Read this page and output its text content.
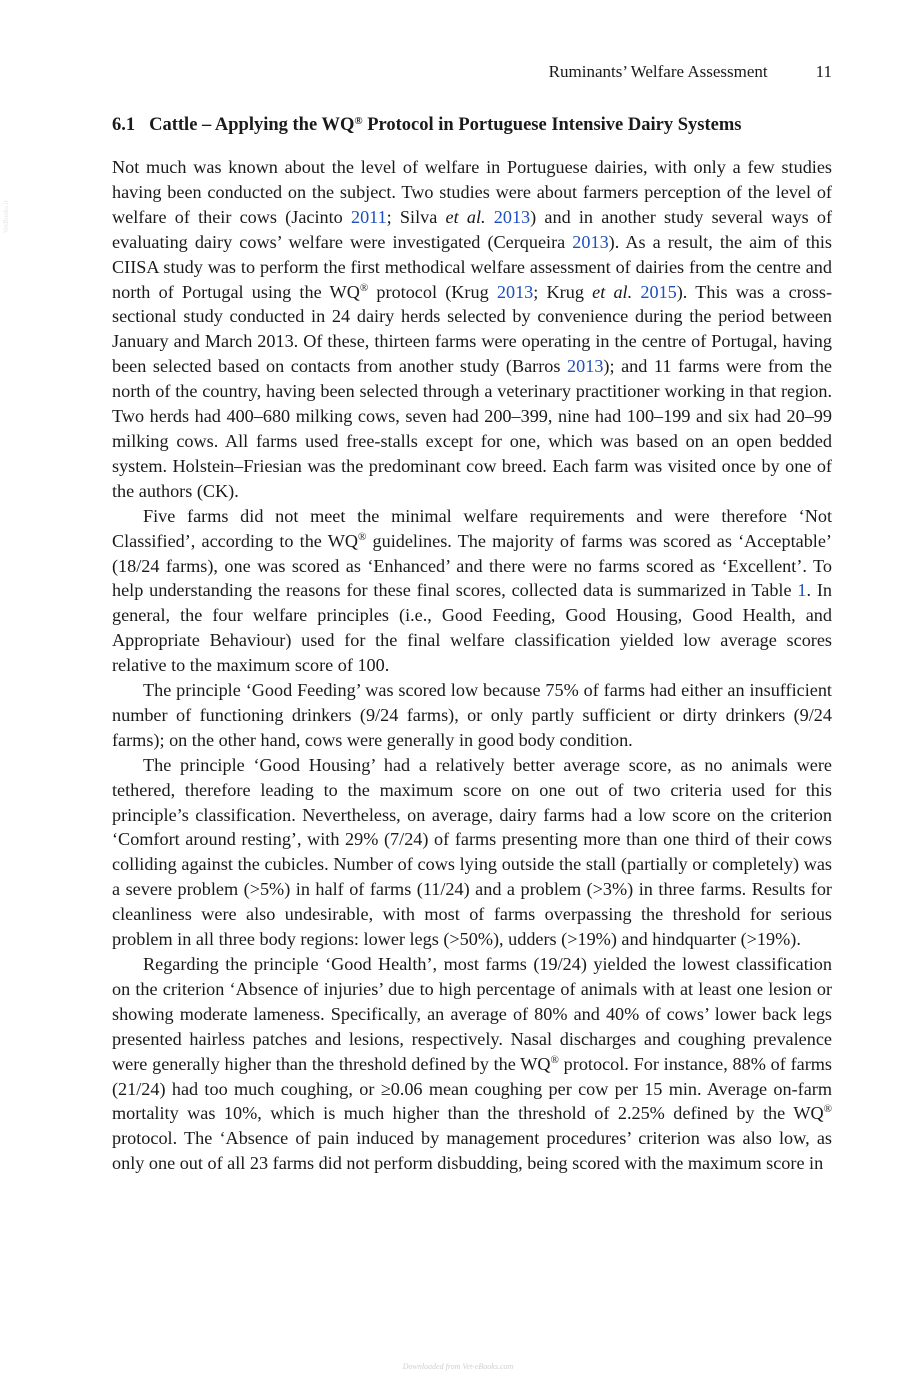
VetBooks.ir
Ruminants’ Welfare Assessment	11
6.1 Cattle – Applying the WQ® Protocol in Portuguese Intensive Dairy Systems

Not much was known about the level of welfare in Portuguese dairies, with only a few studies having been conducted on the subject. Two studies were about farmers perception of the level of welfare of their cows (Jacinto 2011; Silva et al. 2013) and in another study several ways of evaluating dairy cows’ welfare were investigated (Cerqueira 2013). As a result, the aim of this CIISA study was to perform the first methodical welfare assessment of dairies from the centre and north of Portugal using the WQ® protocol (Krug 2013; Krug et al. 2015). This was a cross-sectional study conducted in 24 dairy herds selected by convenience during the period between January and March 2013. Of these, thirteen farms were operating in the centre of Portugal, having been selected based on contacts from another study (Barros 2013); and 11 farms were from the north of the country, having been selected through a veterinary practitioner working in that region. Two herds had 400–680 milking cows, seven had 200–399, nine had 100–199 and six had 20–99 milking cows. All farms used free-stalls except for one, which was based on an open bedded system. Holstein–Friesian was the predominant cow breed. Each farm was visited once by one of the authors (CK).

Five farms did not meet the minimal welfare requirements and were therefore ‘Not Classified’, according to the WQ® guidelines. The majority of farms was scored as ‘Acceptable’ (18/24 farms), one was scored as ‘Enhanced’ and there were no farms scored as ‘Excellent’. To help understanding the reasons for these final scores, collected data is summarized in Table 1. In general, the four welfare principles (i.e., Good Feeding, Good Housing, Good Health, and Appropriate Behaviour) used for the final welfare classification yielded low average scores relative to the maximum score of 100.

The principle ‘Good Feeding’ was scored low because 75% of farms had either an insufficient number of functioning drinkers (9/24 farms), or only partly sufficient or dirty drinkers (9/24 farms); on the other hand, cows were generally in good body condition.

The principle ‘Good Housing’ had a relatively better average score, as no animals were tethered, therefore leading to the maximum score on one out of two criteria used for this principle’s classification. Nevertheless, on average, dairy farms had a low score on the criterion ‘Comfort around resting’, with 29% (7/24) of farms presenting more than one third of their cows colliding against the cubicles. Number of cows lying outside the stall (partially or completely) was a severe problem (>5%) in half of farms (11/24) and a problem (>3%) in three farms. Results for cleanliness were also undesirable, with most of farms overpassing the threshold for serious problem in all three body regions: lower legs (>50%), udders (>19%) and hindquarter (>19%).

Regarding the principle ‘Good Health’, most farms (19/24) yielded the lowest classification on the criterion ‘Absence of injuries’ due to high percentage of animals with at least one lesion or showing moderate lameness. Specifically, an average of 80% and 40% of cows’ lower back legs presented hairless patches and lesions, respectively. Nasal discharges and coughing prevalence were generally higher than the threshold defined by the WQ® protocol. For instance, 88% of farms (21/24) had too much coughing, or ≥0.06 mean coughing per cow per 15 min. Average on-farm mortality was 10%, which is much higher than the threshold of 2.25% defined by the WQ® protocol. The ‘Absence of pain induced by management procedures’ criterion was also low, as only one out of all 23 farms did not perform disbudding, being scored with the maximum score in

Downloaded from Vet-eBooks.com
